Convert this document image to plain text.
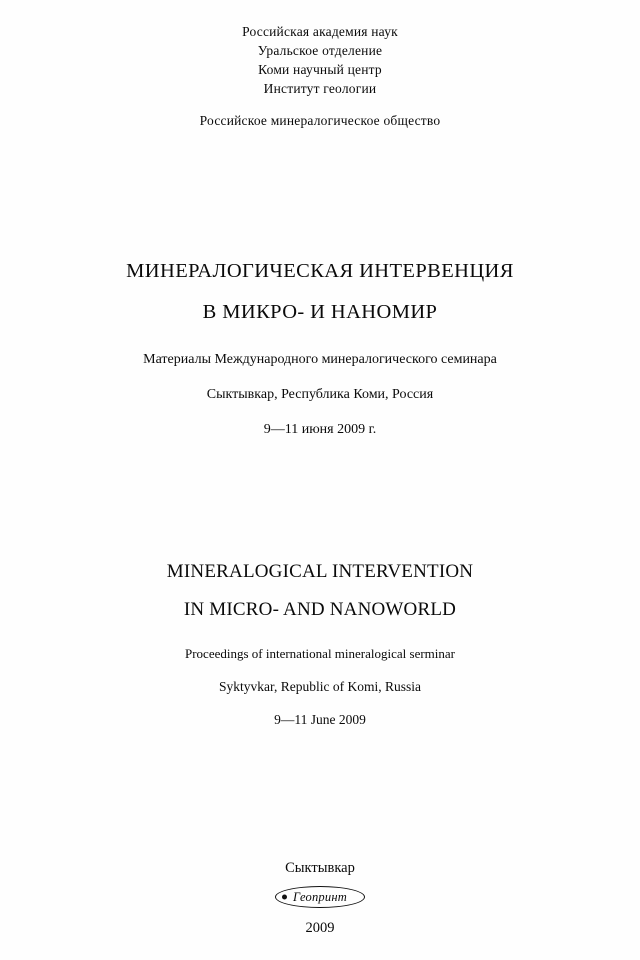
Российская академия наук
Уральское отделение
Коми научный центр
Институт геологии
Российское минералогическое общество
МИНЕРАЛОГИЧЕСКАЯ ИНТЕРВЕНЦИЯ
В МИКРО- И НАНОМИР
Материалы Международного минералогического семинара
Сыктывкар, Республика Коми, Россия
9—11 июня 2009 г.
MINERALOGICAL INTERVENTION
IN MICRO- AND NANOWORLD
Proceedings of international mineralogical serminar
Syktyvkar, Republic of Komi, Russia
9—11 June 2009
Сыктывкар
Геопринт
2009
